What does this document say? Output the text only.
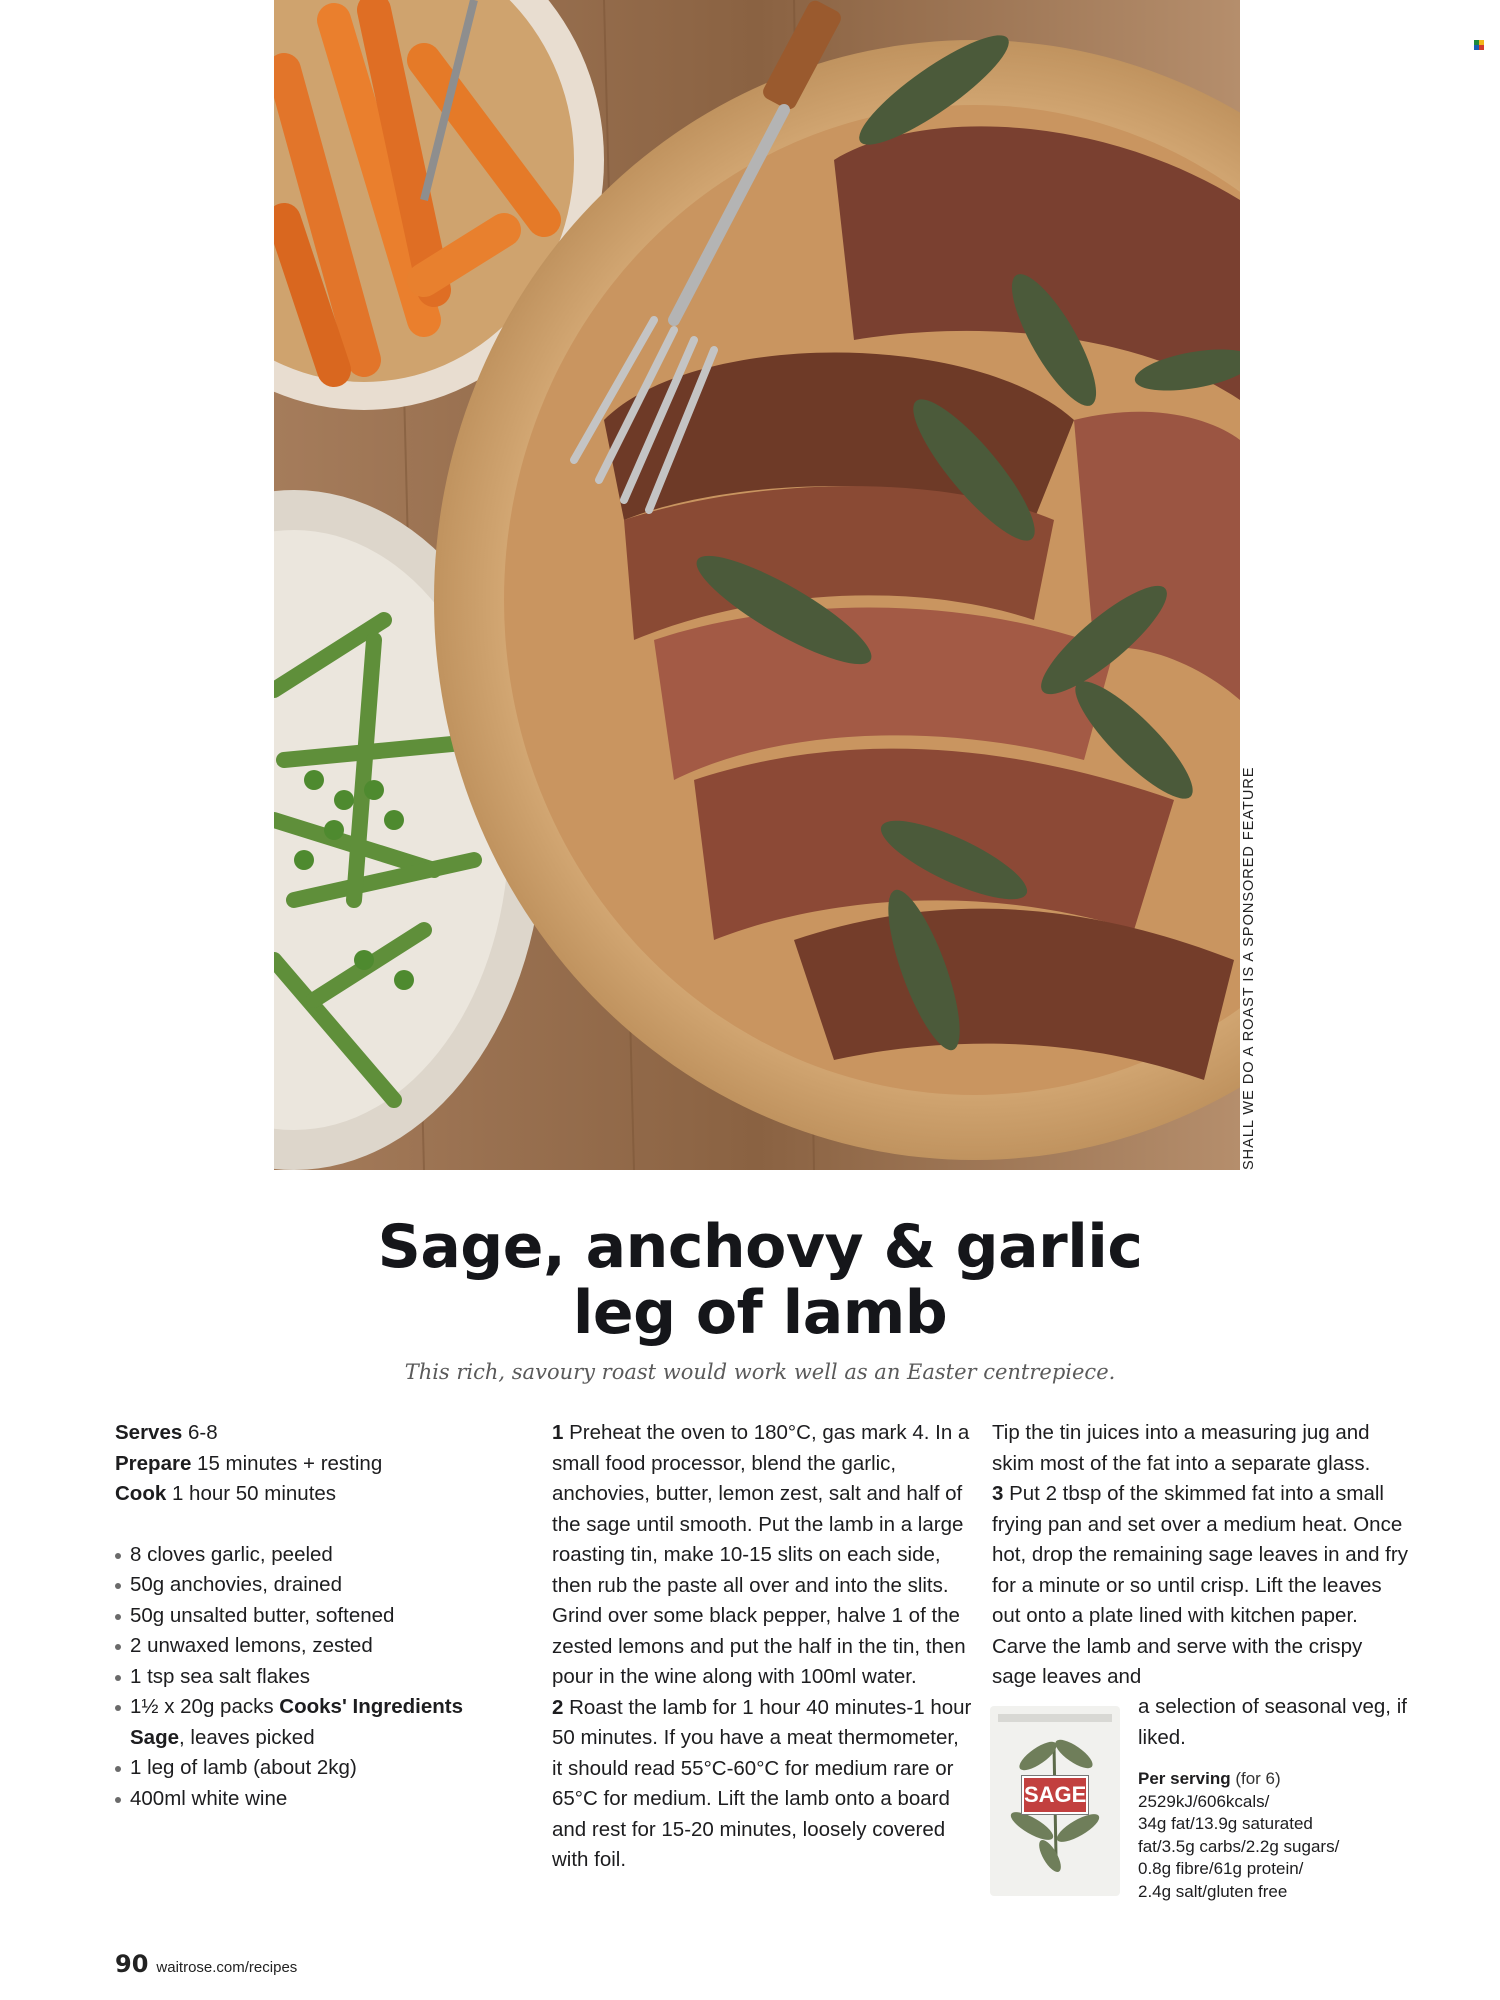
SHALL WE DO A ROAST IS A SPONSORED FEATURE
Sage, anchovy & garlic
leg of lamb

This rich, savoury roast would work well as an Easter centrepiece.

Serves 6-8
Prepare 15 minutes + resting
Cook 1 hour 50 minutes
8 cloves garlic, peeled
50g anchovies, drained
50g unsalted butter, softened
2 unwaxed lemons, zested
1 tsp sea salt flakes
1½ x 20g packs Cooks' Ingredients Sage, leaves picked
1 leg of lamb (about 2kg)
400ml white wine

1 Preheat the oven to 180°C, gas mark 4. In a small food processor, blend the garlic, anchovies, butter, lemon zest, salt and half of the sage until smooth. Put the lamb in a large roasting tin, make 10-15 slits on each side, then rub the paste all over and into the slits. Grind over some black pepper, halve 1 of the zested lemons and put the half in the tin, then pour in the wine along with 100ml water.

2 Roast the lamb for 1 hour 40 minutes-1 hour 50 minutes. If you have a meat thermometer, it should read 55°C-60°C for medium rare or 65°C for medium. Lift the lamb onto a board and rest for 15-20 minutes, loosely covered with foil.

Tip the tin juices into a measuring jug and skim most of the fat into a separate glass.

3 Put 2 tbsp of the skimmed fat into a small frying pan and set over a medium heat. Once hot, drop the remaining sage leaves in and fry for a minute or so until crisp. Lift the leaves out onto a plate lined with kitchen paper. Carve the lamb and serve with the crispy sage leaves and

a selection of seasonal veg, if liked.
SAGE
Per serving (for 6)
2529kJ/606kcals/
34g fat/13.9g saturated
fat/3.5g carbs/2.2g sugars/
0.8g fibre/61g protein/
2.4g salt/gluten free
90 waitrose.com/recipes
